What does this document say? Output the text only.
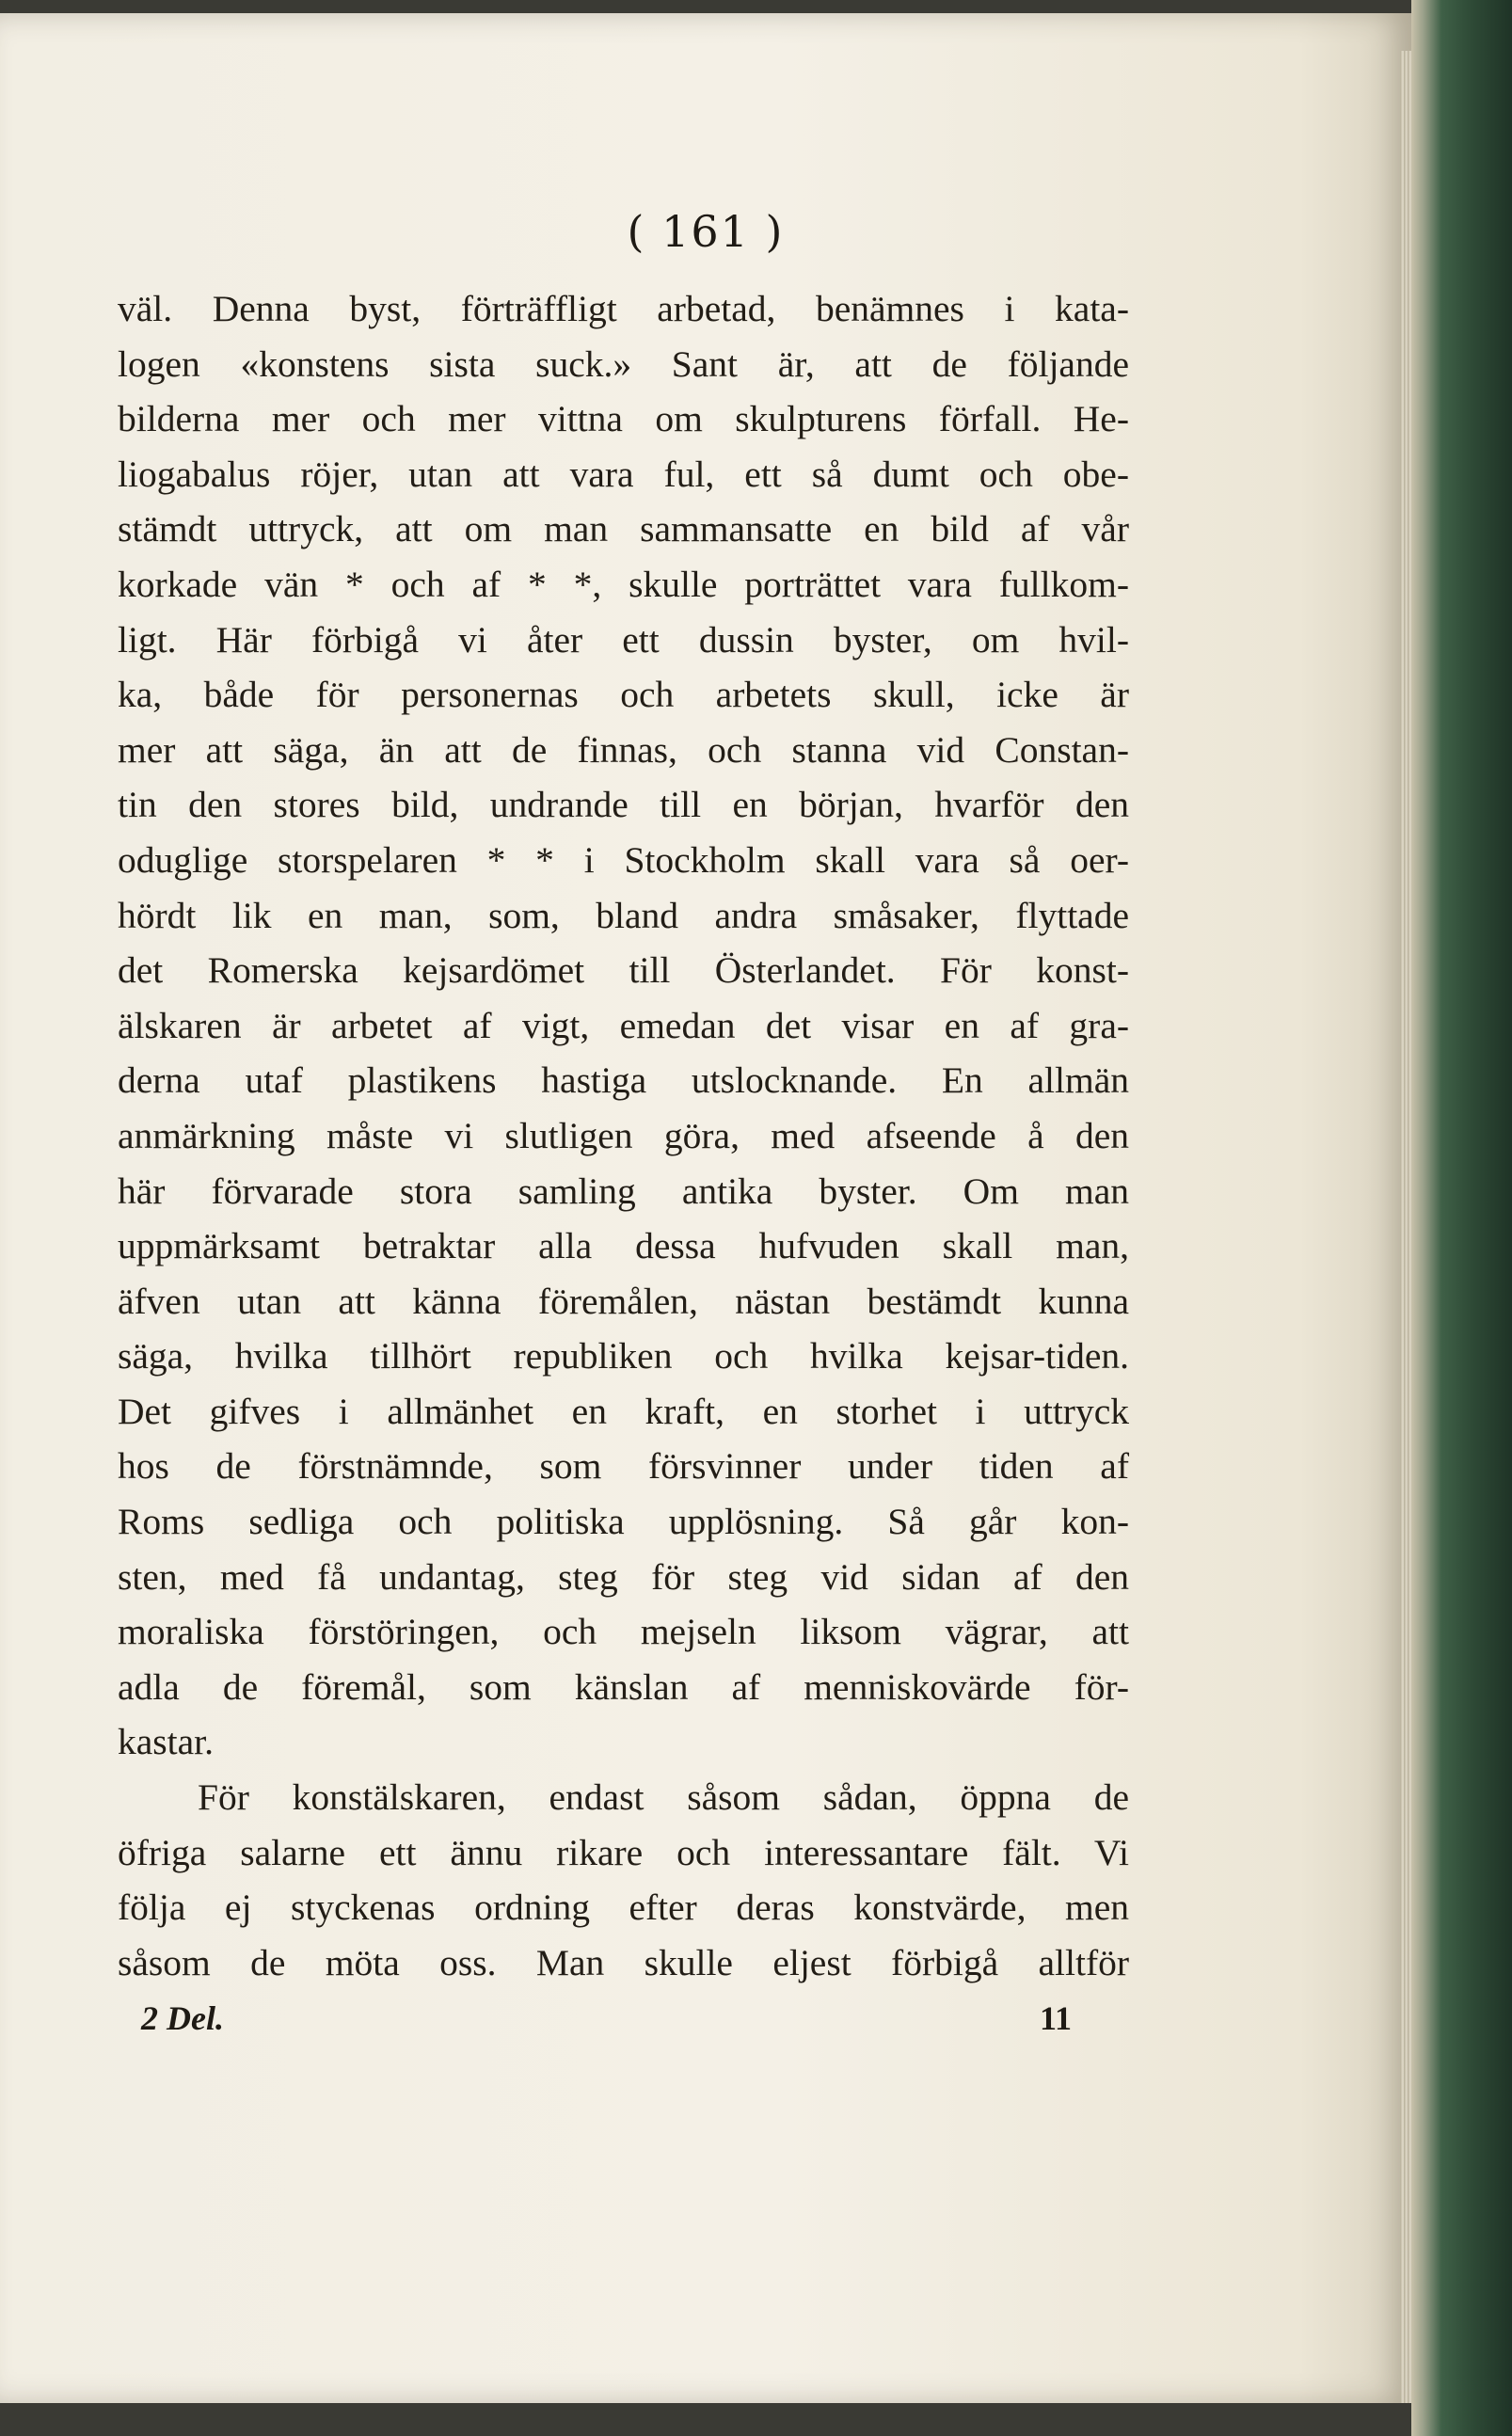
( 161 )
väl. Denna byst, förträffligt arbetad, benämnes i kata-
logen «konstens sista suck.» Sant är, att de följande
bilderna mer och mer vittna om skulpturens förfall. He-
liogabalus röjer, utan att vara ful, ett så dumt och obe-
stämdt uttryck, att om man sammansatte en bild af vår
korkade vän * och af * *, skulle porträttet vara fullkom-
ligt. Här förbigå vi åter ett dussin byster, om hvil-
ka, både för personernas och arbetets skull, icke är
mer att säga, än att de finnas, och stanna vid Constan-
tin den stores bild, undrande till en början, hvarför den
oduglige storspelaren * * i Stockholm skall vara så oer-
hördt lik en man, som, bland andra småsaker, flyttade
det Romerska kejsardömet till Österlandet. För konst-
älskaren är arbetet af vigt, emedan det visar en af gra-
derna utaf plastikens hastiga utslocknande. En allmän
anmärkning måste vi slutligen göra, med afseende å den
här förvarade stora samling antika byster. Om man
uppmärksamt betraktar alla dessa hufvuden skall man,
äfven utan att känna föremålen, nästan bestämdt kunna
säga, hvilka tillhört republiken och hvilka kejsar-tiden.
Det gifves i allmänhet en kraft, en storhet i uttryck
hos de förstnämnde, som försvinner under tiden af
Roms sedliga och politiska upplösning. Så går kon-
sten, med få undantag, steg för steg vid sidan af den
moraliska förstöringen, och mejseln liksom vägrar, att
adla de föremål, som känslan af menniskovärde för-
kastar.
För konstälskaren, endast såsom sådan, öppna de
öfriga salarne ett ännu rikare och interessantare fält. Vi
följa ej styckenas ordning efter deras konstvärde, men
såsom de möta oss. Man skulle eljest förbigå alltför
2 Del.	11
